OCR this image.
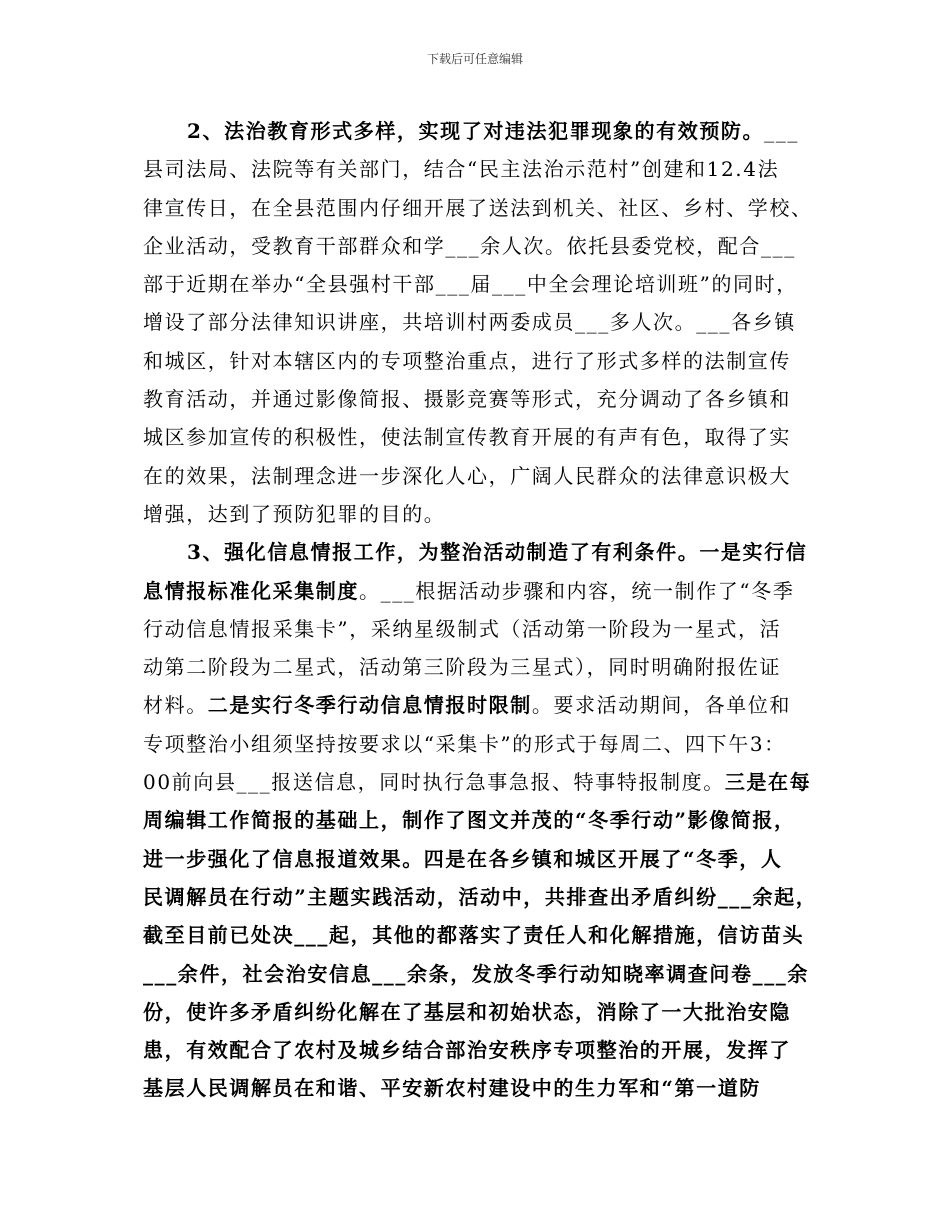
下载后可任意编辑
2、法治教育形式多样，实现了对违法犯罪现象的有效预防。___
县司法局、法院等有关部门，结合“民主法治示范村”创建和12.4法
律宣传日，在全县范围内仔细开展了送法到机关、社区、乡村、学校、
企业活动，受教育干部群众和学___余人次。依托县委党校，配合___
部于近期在举办“全县强村干部___届___中全会理论培训班”的同时，
增设了部分法律知识讲座，共培训村两委成员___多人次。___各乡镇
和城区，针对本辖区内的专项整治重点，进行了形式多样的法制宣传
教育活动，并通过影像简报、摄影竞赛等形式，充分调动了各乡镇和
城区参加宣传的积极性，使法制宣传教育开展的有声有色，取得了实
在的效果，法制理念进一步深化人心，广阔人民群众的法律意识极大
增强，达到了预防犯罪的目的。
3、强化信息情报工作，为整治活动制造了有利条件。一是实行信
息情报标准化采集制度。___根据活动步骤和内容，统一制作了“冬季
行动信息情报采集卡”，采纳星级制式（活动第一阶段为一星式，活
动第二阶段为二星式，活动第三阶段为三星式），同时明确附报佐证
材料。二是实行冬季行动信息情报时限制。要求活动期间，各单位和
专项整治小组须坚持按要求以“采集卡”的形式于每周二、四下午3：
00前向县___报送信息，同时执行急事急报、特事特报制度。三是在每
周编辑工作简报的基础上，制作了图文并茂的“冬季行动”影像简报，
进一步强化了信息报道效果。四是在各乡镇和城区开展了“冬季，人
民调解员在行动”主题实践活动，活动中，共排查出矛盾纠纷___余起，
截至目前已处决___起，其他的都落实了责任人和化解措施，信访苗头
___余件，社会治安信息___余条，发放冬季行动知晓率调查问卷___余
份，使许多矛盾纠纷化解在了基层和初始状态，消除了一大批治安隐
患，有效配合了农村及城乡结合部治安秩序专项整治的开展，发挥了
基层人民调解员在和谐、平安新农村建设中的生力军和“第一道防
